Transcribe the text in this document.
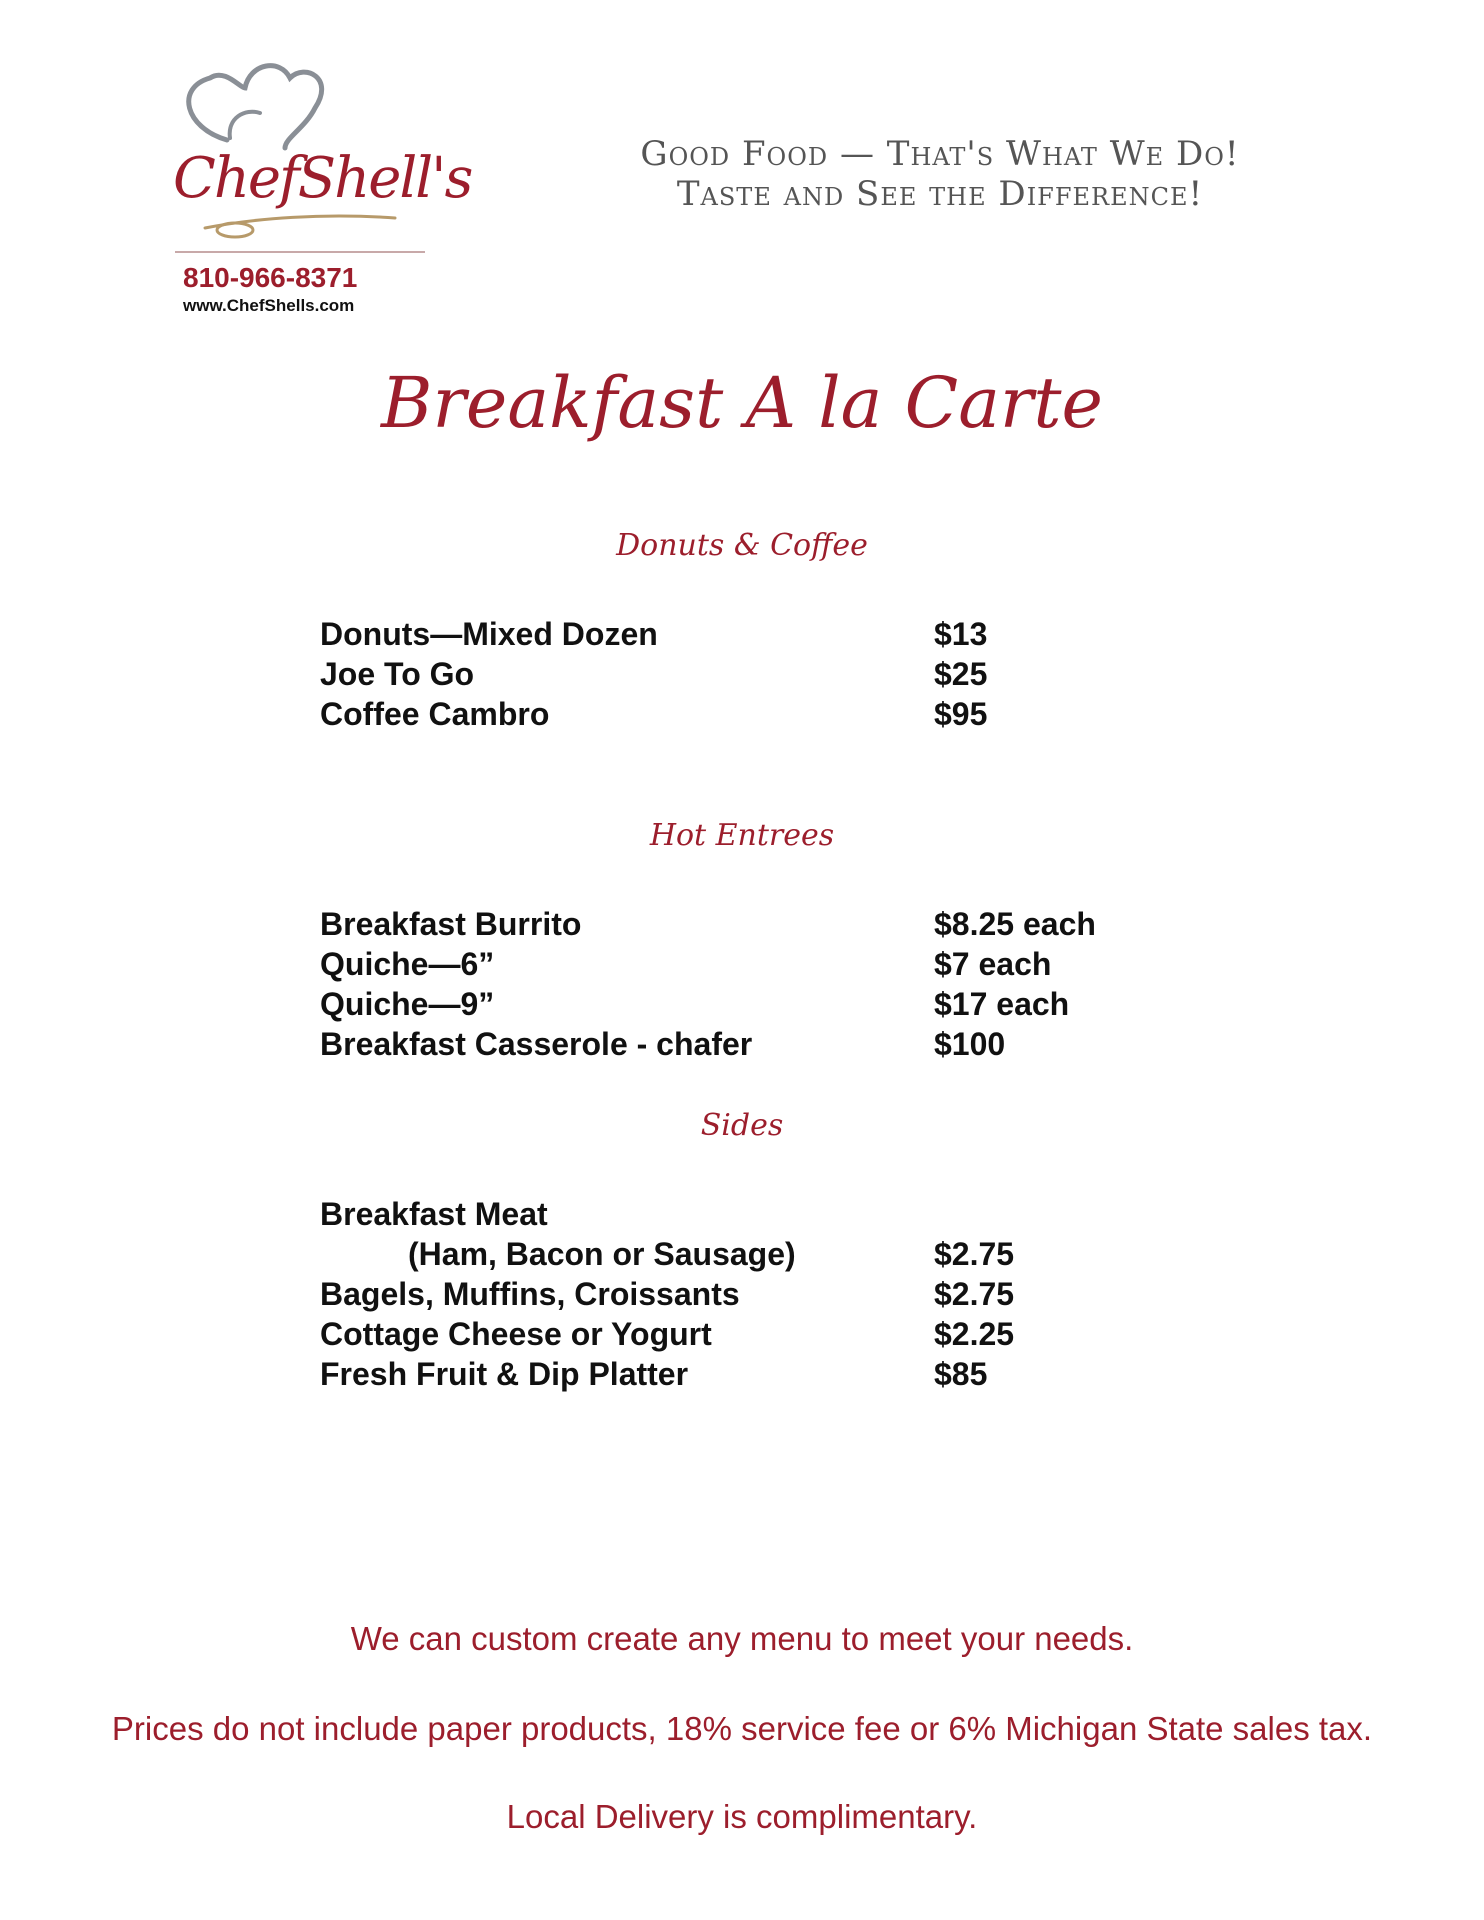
ChefShell's
810-966-8371
www.ChefShells.com
Good Food — That's What We Do!
Taste and See the Difference!
Breakfast A la Carte
Donuts & Coffee
Donuts—Mixed Dozen	$13
Joe To Go	$25
Coffee Cambro	$95
Hot Entrees
Breakfast Burrito	$8.25 each
Quiche—6”	$7 each
Quiche—9”	$17 each
Breakfast Casserole - chafer	$100
Sides
Breakfast Meat
(Ham, Bacon or Sausage)	$2.75
Bagels, Muffins, Croissants	$2.75
Cottage Cheese or Yogurt	$2.25
Fresh Fruit & Dip Platter	$85
We can custom create any menu to meet your needs.
Prices do not include paper products, 18% service fee or 6% Michigan State sales tax.
Local Delivery is complimentary.
